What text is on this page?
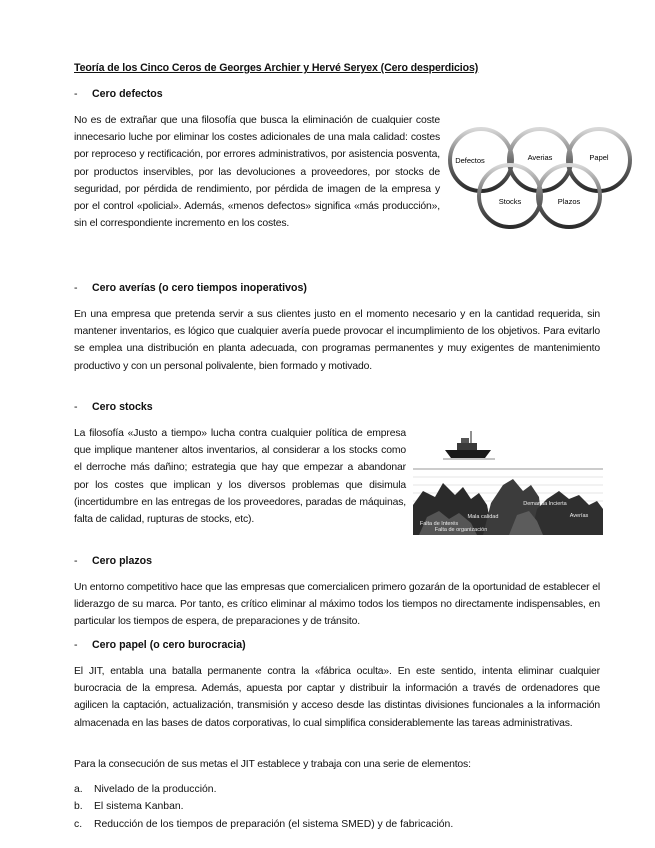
Teoría de los Cinco Ceros de Georges Archier y Hervé Seryex (Cero desperdicios)
- Cero defectos

No es de extrañar que una filosofía que busca la eliminación de cualquier coste innecesario luche por eliminar los costes adicionales de una mala calidad: costes por reproceso y rectificación, por errores administrativos, por asistencia posventa, por productos inservibles, por las devoluciones a proveedores, por stocks de seguridad, por pérdida de rendimiento, por pérdida de imagen de la empresa y por el control «policial». Además, «menos defectos» significa «más producción», sin el correspondiente incremento en los costes.

Defectos	Averias	Papel
Stocks	Plazos
- Cero averías (o cero tiempos inoperativos)

En una empresa que pretenda servir a sus clientes justo en el momento necesario y en la cantidad requerida, sin mantener inventarios, es lógico que cualquier avería puede provocar el incumplimiento de los objetivos. Para evitarlo se emplea una distribución en planta adecuada, con programas permanentes y muy exigentes de mantenimiento productivo y con un personal polivalente, bien formado y motivado.

- Cero stocks

La filosofía «Justo a tiempo» lucha contra cualquier política de empresa que implique mantener altos inventarios, al considerar a los stocks como el derroche más dañino; estrategia que hay que empezar a abandonar por los costes que implican y los diversos problemas que disimula (incertidumbre en las entregas de los proveedores, paradas de máquinas, falta de calidad, rupturas de stocks, etc).	Mala calidad
Falta de Interés
Falta de organización
Demanda Incierta
Averías
- Cero plazos

Un entorno competitivo hace que las empresas que comercialicen primero gozarán de la oportunidad de establecer el liderazgo de su marca. Por tanto, es crítico eliminar al máximo todos los tiempos no directamente indispensables, en particular los tiempos de espera, de preparaciones y de tránsito.

- Cero papel (o cero burocracia)

El JIT, entabla una batalla permanente contra la «fábrica oculta». En este sentido, intenta eliminar cualquier burocracia de la empresa. Además, apuesta por captar y distribuir la información a través de ordenadores que agilicen la captación, actualización, transmisión y acceso desde las distintas divisiones funcionales a la información almacenada en las bases de datos corporativas, lo cual simplifica considerablemente las tareas administrativas.

Para la consecución de sus metas el JIT establece y trabaja con una serie de elementos:

a. Nivelado de la producción.
b. El sistema Kanban.
c. Reducción de los tiempos de preparación (el sistema SMED) y de fabricación.
